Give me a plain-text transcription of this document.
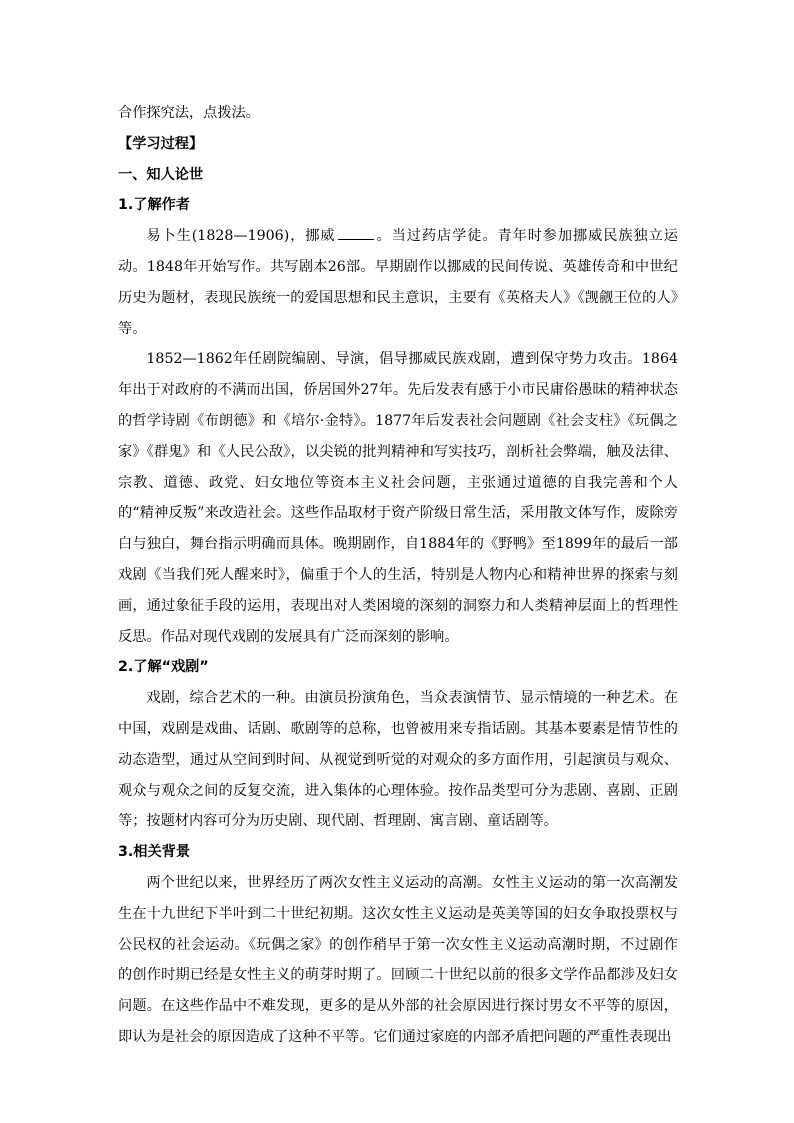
合作探究法，点拨法。

【学习过程】

一、知人论世

1.了解作者

易卜生(1828—1906)，挪威	。当过药店学徒。青年时参加挪威民族独立运动。1848年开始写作。共写剧本26部。早期剧作以挪威的民间传说、英雄传奇和中世纪历史为题材，表现民族统一的爱国思想和民主意识，主要有《英格夫人》《觊觎王位的人》等。

1852—1862年任剧院编剧、导演，倡导挪威民族戏剧，遭到保守势力攻击。1864年出于对政府的不满而出国，侨居国外27年。先后发表有感于小市民庸俗愚昧的精神状态的哲学诗剧《布朗德》和《培尔·金特》。1877年后发表社会问题剧《社会支柱》《玩偶之家》《群鬼》和《人民公敌》，以尖锐的批判精神和写实技巧，剖析社会弊端，触及法律、宗教、道德、政党、妇女地位等资本主义社会问题，主张通过道德的自我完善和个人的“精神反叛”来改造社会。这些作品取材于资产阶级日常生活，采用散文体写作，废除旁白与独白，舞台指示明确而具体。晚期剧作，自1884年的《野鸭》至1899年的最后一部戏剧《当我们死人醒来时》，偏重于个人的生活，特别是人物内心和精神世界的探索与刻画，通过象征手段的运用，表现出对人类困境的深刻的洞察力和人类精神层面上的哲理性反思。作品对现代戏剧的发展具有广泛而深刻的影响。

2.了解“戏剧”

戏剧，综合艺术的一种。由演员扮演角色，当众表演情节、显示情境的一种艺术。在中国，戏剧是戏曲、话剧、歌剧等的总称，也曾被用来专指话剧。其基本要素是情节性的动态造型，通过从空间到时间、从视觉到听觉的对观众的多方面作用，引起演员与观众、观众与观众之间的反复交流，进入集体的心理体验。按作品类型可分为悲剧、喜剧、正剧等；按题材内容可分为历史剧、现代剧、哲理剧、寓言剧、童话剧等。

3.相关背景

两个世纪以来，世界经历了两次女性主义运动的高潮。女性主义运动的第一次高潮发生在十九世纪下半叶到二十世纪初期。这次女性主义运动是英美等国的妇女争取投票权与公民权的社会运动。《玩偶之家》的创作稍早于第一次女性主义运动高潮时期，不过剧作的创作时期已经是女性主义的萌芽时期了。回顾二十世纪以前的很多文学作品都涉及妇女问题。在这些作品中不难发现，更多的是从外部的社会原因进行探讨男女不平等的原因，即认为是社会的原因造成了这种不平等。它们通过家庭的内部矛盾把问题的严重性表现出
